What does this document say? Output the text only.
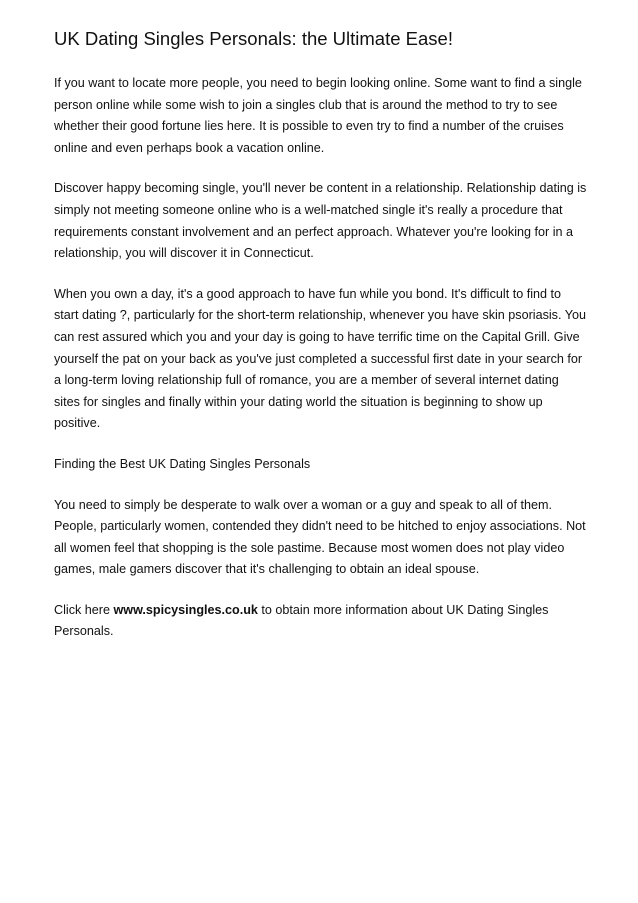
UK Dating Singles Personals: the Ultimate Ease!

If you want to locate more people, you need to begin looking online. Some want to find a single person online while some wish to join a singles club that is around the method to try to see whether their good fortune lies here. It is possible to even try to find a number of the cruises online and even perhaps book a vacation online.

Discover happy becoming single, you'll never be content in a relationship. Relationship dating is simply not meeting someone online who is a well-matched single it's really a procedure that requirements constant involvement and an perfect approach. Whatever you're looking for in a relationship, you will discover it in Connecticut.

When you own a day, it's a good approach to have fun while you bond. It's difficult to find to start dating ?, particularly for the short-term relationship, whenever you have skin psoriasis. You can rest assured which you and your day is going to have terrific time on the Capital Grill. Give yourself the pat on your back as you've just completed a successful first date in your search for a long-term loving relationship full of romance, you are a member of several internet dating sites for singles and finally within your dating world the situation is beginning to show up positive.

Finding the Best UK Dating Singles Personals

You need to simply be desperate to walk over a woman or a guy and speak to all of them. People, particularly women, contended they didn't need to be hitched to enjoy associations. Not all women feel that shopping is the sole pastime. Because most women does not play video games, male gamers discover that it's challenging to obtain an ideal spouse.

Click here www.spicysingles.co.uk to obtain more information about UK Dating Singles Personals.
